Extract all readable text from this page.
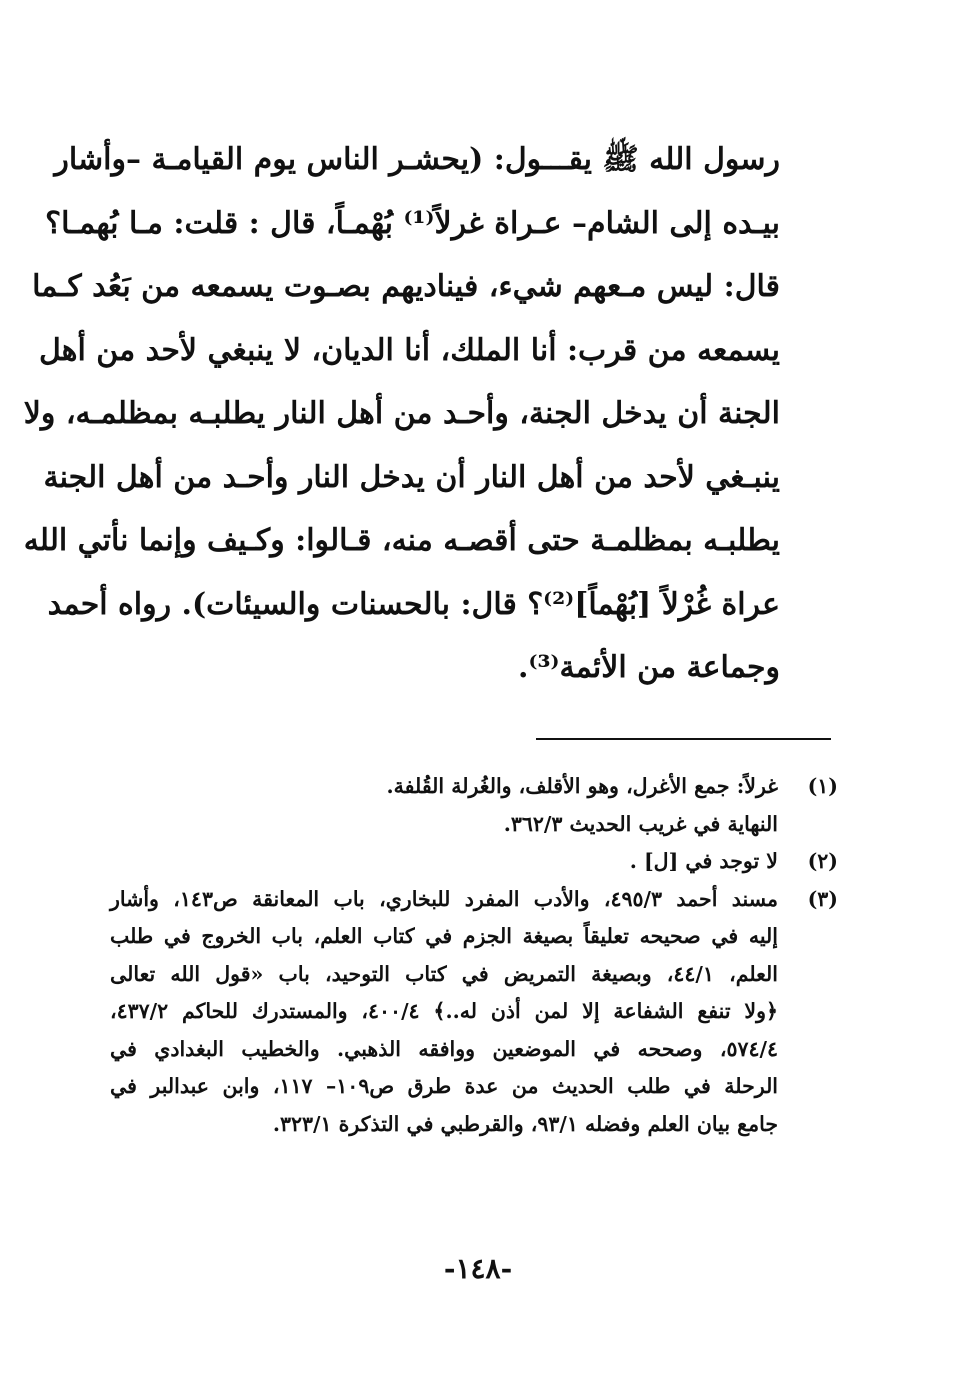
رسول الله ﷺ يقـــول: (يحشـر الناس يوم القيامـة –وأشار
بيـده إلى الشام– عـراة غرلاً⁽¹⁾ بُهْمـاً، قال : قلت: مـا بُهمـا؟
قال: ليس مـعهم شيء، فيناديهم بصـوت يسمعه من بَعُد كـما
يسمعه من قرب: أنا الملك، أنا الديان، لا ينبغي لأحد من أهل
الجنة أن يدخل الجنة، وأحـد من أهل النار يطلبـه بمظلمـه، ولا
ينبـغي لأحد من أهل النار أن يدخل النار وأحـد من أهل الجنة
يطلبـه بمظلمـة حتى أقصـه منه، قـالوا: وكـيف وإنما نأتي الله
عراة غُرْلاً [بُهْماً]⁽²⁾؟ قال: بالحسنات والسيئات). رواه أحمد
وجماعة من الأئمة⁽³⁾.
(١)
غرلاً: جمع الأغرل، وهو الأقلف، والغُرلة القُلفة.
النهاية في غريب الحديث ٣٦٢/٣.
(٢)
لا توجد في [ل] .
(٣)
مسند أحمد ٤٩٥/٣، والأدب المفرد للبخاري، باب المعانقة ص١٤٣، وأشار
إليه في صحيحه تعليقاً بصيغة الجزم في كتاب العلم، باب الخروج في طلب
العلم، ٤٤/١، وبصيغة التمريض في كتاب التوحيد، باب «قول الله تعالى
﴿ولا تنفع الشفاعة إلا لمن أذن له..﴾ ٤٠٠/٤، والمستدرك للحاكم ٤٣٧/٢،
٥٧٤/٤، وصححه في الموضعين ووافقه الذهبي. والخطيب البغدادي في
الرحلة في طلب الحديث من عدة طرق ص١٠٩– ١١٧، وابن عبدالبر في
جامع بيان العلم وفضله ٩٣/١، والقرطبي في التذكرة ٣٢٣/١.
-١٤٨-
